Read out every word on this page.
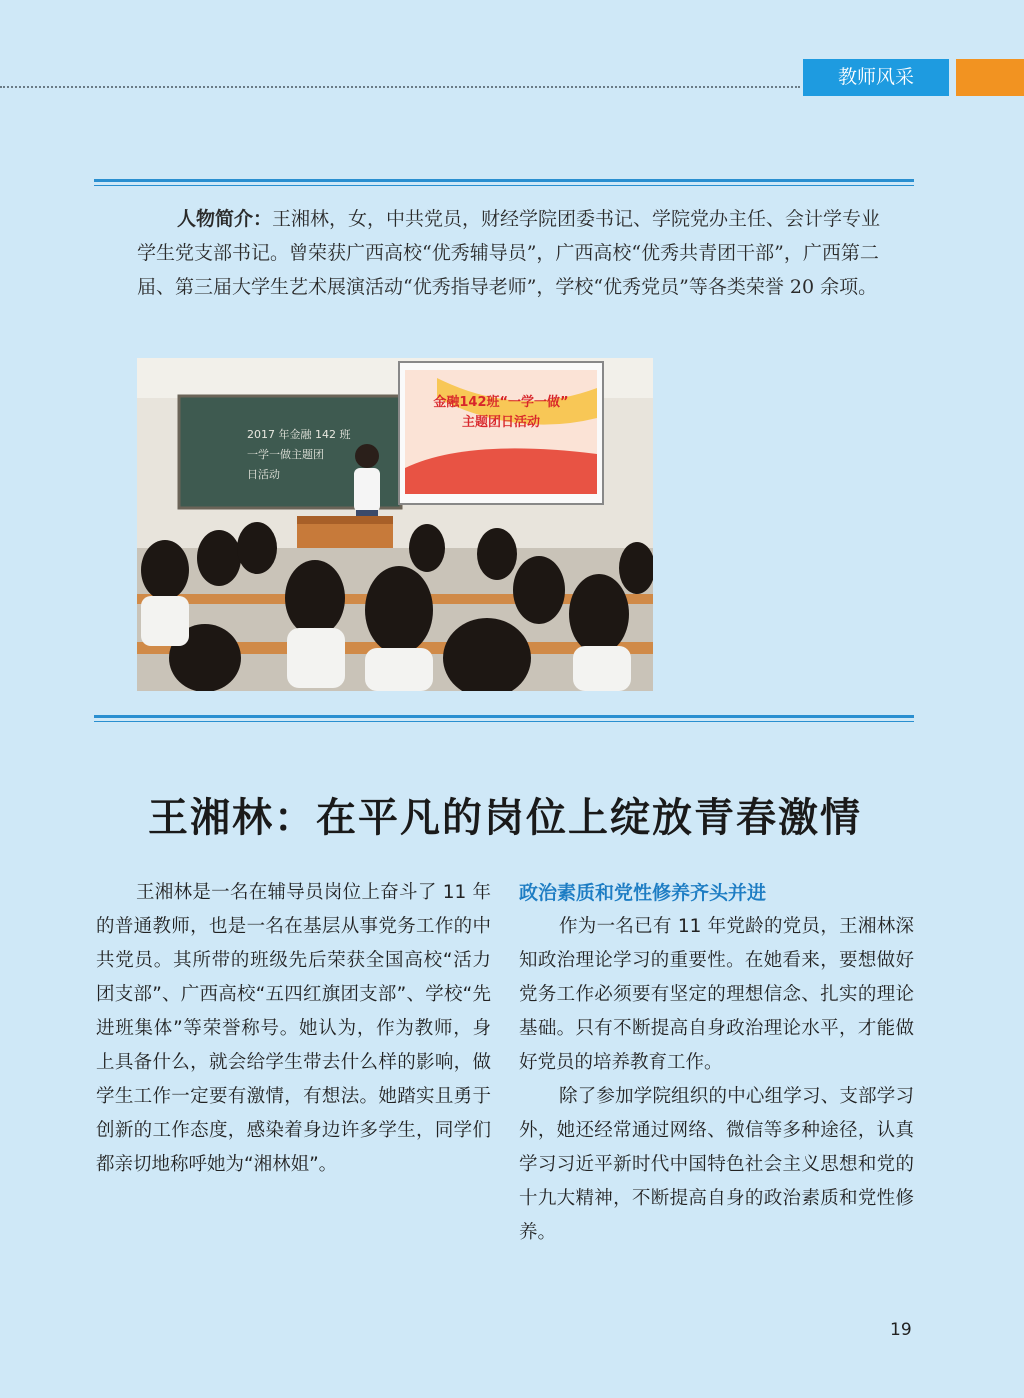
教师风采

人物简介：王湘林，女，中共党员，财经学院团委书记、学院党办主任、会计学专业学生党支部书记。曾荣获广西高校“优秀辅导员”，广西高校“优秀共青团干部”，广西第二届、第三届大学生艺术展演活动“优秀指导老师”，学校“优秀党员”等各类荣誉 20 余项。

2017 年金融 142 班
一学一做主题团
日活动
金融142班“一学一做”
主题团日活动
王湘林：在平凡的岗位上绽放青春激情

王湘林是一名在辅导员岗位上奋斗了 11 年的普通教师，也是一名在基层从事党务工作的中共党员。其所带的班级先后荣获全国高校“活力团支部”、广西高校“五四红旗团支部”、学校“先进班集体”等荣誉称号。她认为，作为教师，身上具备什么，就会给学生带去什么样的影响，做学生工作一定要有激情，有想法。她踏实且勇于创新的工作态度，感染着身边许多学生，同学们都亲切地称呼她为“湘林姐”。

政治素质和党性修养齐头并进

作为一名已有 11 年党龄的党员，王湘林深知政治理论学习的重要性。在她看来，要想做好党务工作必须要有坚定的理想信念、扎实的理论基础。只有不断提高自身政治理论水平，才能做好党员的培养教育工作。

除了参加学院组织的中心组学习、支部学习外，她还经常通过网络、微信等多种途径，认真学习习近平新时代中国特色社会主义思想和党的十九大精神，不断提高自身的政治素质和党性修养。

19
